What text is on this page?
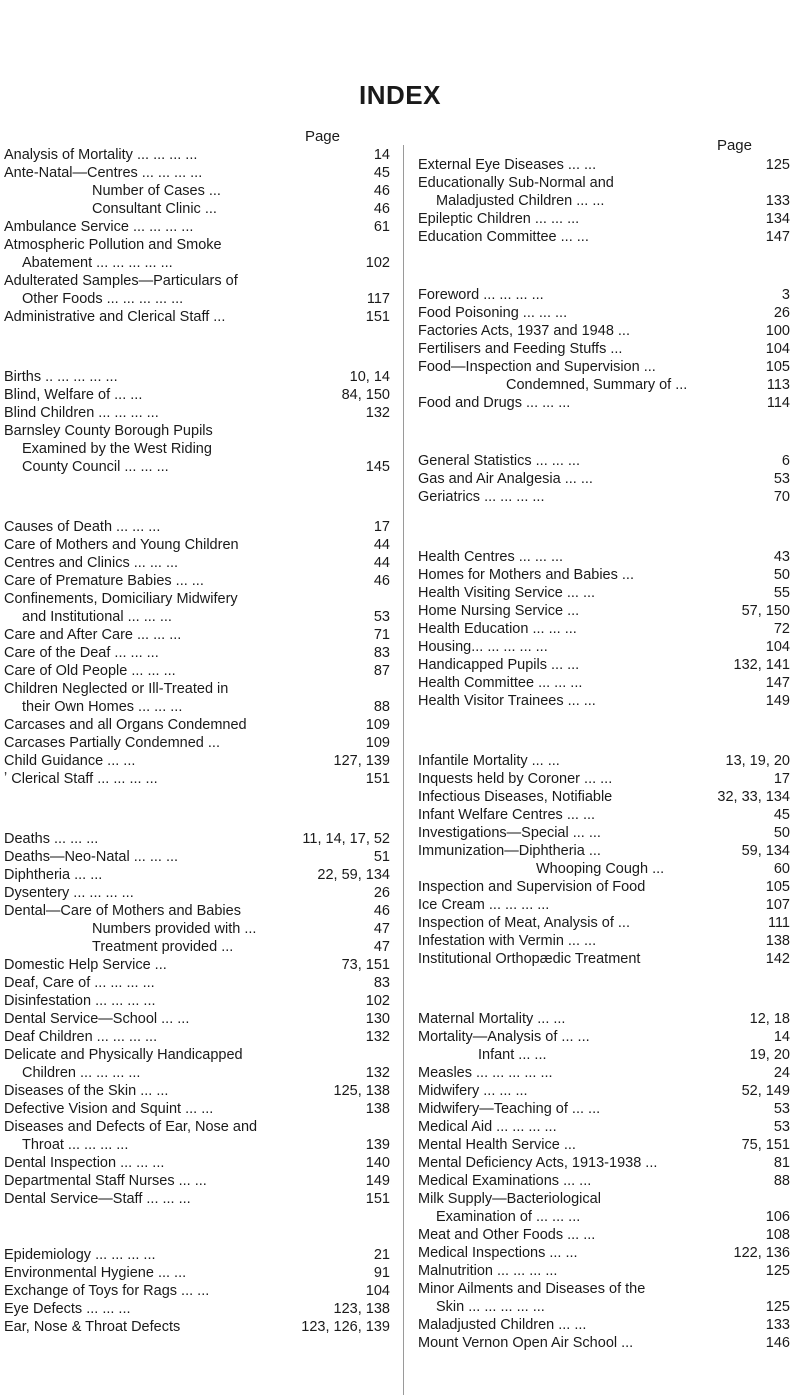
INDEX
Page
Analysis of Mortality ... ... ... ...	14
Ante-Natal—Centres ... ... ... ...	45
Number of Cases ...	46
Consultant Clinic ...	46
Ambulance Service ... ... ... ...	61
Atmospheric Pollution and Smoke
Abatement ... ... ... ... ...	102
Adulterated Samples—Particulars of
Other Foods ... ... ... ... ...	117
Administrative and Clerical Staff ...	151
Births .. ... ... ... ...	10, 14
Blind, Welfare of ... ...	84, 150
Blind Children ... ... ... ...	132
Barnsley County Borough Pupils
Examined by the West Riding
County Council ... ... ...	145
Causes of Death ... ... ...	17
Care of Mothers and Young Children	44
Centres and Clinics ... ... ...	44
Care of Premature Babies ... ...	46
Confinements, Domiciliary Midwifery
and Institutional ... ... ...	53
Care and After Care ... ... ...	71
Care of the Deaf ... ... ...	83
Care of Old People ... ... ...	87
Children Neglected or Ill-Treated in
their Own Homes ... ... ...	88
Carcases and all Organs Condemned	109
Carcases Partially Condemned ...	109
Child Guidance ... ...	127, 139
ʼ Clerical Staff ... ... ... ...	151
Deaths ... ... ...	11, 14, 17, 52
Deaths—Neo-Natal ... ... ...	51
Diphtheria ... ...	22, 59, 134
Dysentery ... ... ... ...	26
Dental—Care of Mothers and Babies	46
Numbers provided with ...	47
Treatment provided ...	47
Domestic Help Service ...	73, 151
Deaf, Care of ... ... ... ...	83
Disinfestation ... ... ... ...	102
Dental Service—School ... ...	130
Deaf Children ... ... ... ...	132
Delicate and Physically Handicapped
Children ... ... ... ...	132
Diseases of the Skin ... ...	125, 138
Defective Vision and Squint ... ...	138
Diseases and Defects of Ear, Nose and
Throat ... ... ... ...	139
Dental Inspection ... ... ...	140
Departmental Staff Nurses ... ...	149
Dental Service—Staff ... ... ...	151
Epidemiology ... ... ... ...	21
Environmental Hygiene ... ...	91
Exchange of Toys for Rags ... ...	104
Eye Defects ... ... ...	123, 138
Ear, Nose & Throat Defects	123, 126, 139
Page
External Eye Diseases ... ...	125
Educationally Sub-Normal and
Maladjusted Children ... ...	133
Epileptic Children ... ... ...	134
Education Committee ... ...	147
Foreword ... ... ... ...	3
Food Poisoning ... ... ...	26
Factories Acts, 1937 and 1948 ...	100
Fertilisers and Feeding Stuffs ...	104
Food—Inspection and Supervision ...	105
Condemned, Summary of ...	113
Food and Drugs ... ... ...	114
General Statistics ... ... ...	6
Gas and Air Analgesia ... ...	53
Geriatrics ... ... ... ...	70
Health Centres ... ... ...	43
Homes for Mothers and Babies ...	50
Health Visiting Service ... ...	55
Home Nursing Service ...	57, 150
Health Education ... ... ...	72
Housing... ... ... ... ...	104
Handicapped Pupils ... ...	132, 141
Health Committee ... ... ...	147
Health Visitor Trainees ... ...	149
Infantile Mortality ... ...	13, 19, 20
Inquests held by Coroner ... ...	17
Infectious Diseases, Notifiable	32, 33, 134
Infant Welfare Centres ... ...	45
Investigations—Special ... ...	50
Immunization—Diphtheria ...	59, 134
Whooping Cough ...	60
Inspection and Supervision of Food	105
Ice Cream ... ... ... ...	107
Inspection of Meat, Analysis of ...	111
Infestation with Vermin ... ...	138
Institutional Orthopædic Treatment	142
Maternal Mortality ... ...	12, 18
Mortality—Analysis of ... ...	14
Infant ... ...	19, 20
Measles ... ... ... ... ...	24
Midwifery ... ... ...	52, 149
Midwifery—Teaching of ... ...	53
Medical Aid ... ... ... ...	53
Mental Health Service ...	75, 151
Mental Deficiency Acts, 1913-1938 ...	81
Medical Examinations ... ...	88
Milk Supply—Bacteriological
Examination of ... ... ...	106
Meat and Other Foods ... ...	108
Medical Inspections ... ...	122, 136
Malnutrition ... ... ... ...	125
Minor Ailments and Diseases of the
Skin ... ... ... ... ...	125
Maladjusted Children ... ...	133
Mount Vernon Open Air School ...	146
